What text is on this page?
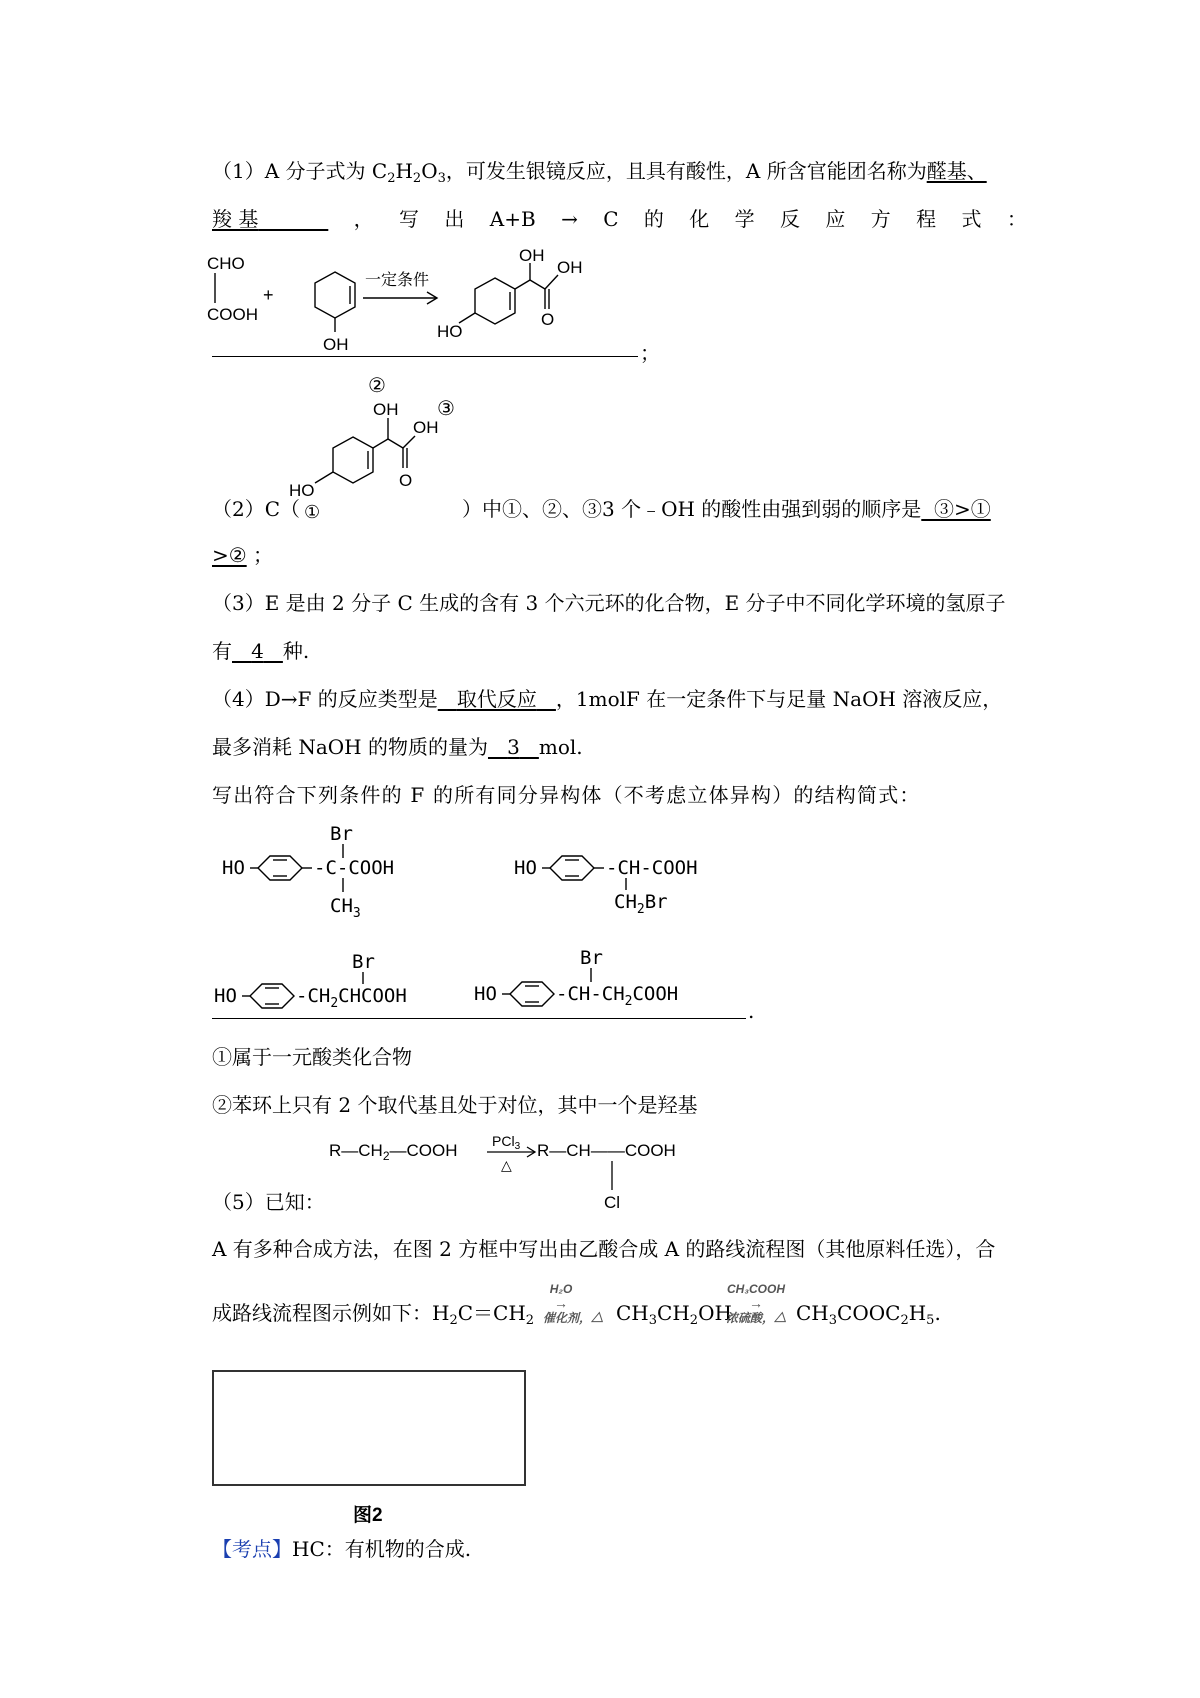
（1）A 分子式为 $C_2H_2O_3$，可发生银镜反应，且具有酸性，A 所含官能团名称为醛基、
羧 基	， 写 出 A+B → C 的 化 学 反 应 方 程 式 ：
CHO
COOH
+
OH
一定条件
OH
OH
O
HO
；
②
OH ③
OH
O
HO
①
（2）C（	）中①、②、③3 个﹣OH 的酸性由强到弱的顺序是 ③>①
>② ；
（3）E 是由 2 分子 C 生成的含有 3 个六元环的化合物，E 分子中不同化学环境的氢原子
有 4 种.
（4）D→F 的反应类型是 取代反应 ，1molF 在一定条件下与足量 NaOH 溶液反应，
最多消耗 NaOH 的物质的量为 3 mol.
写出符合下列条件的 F 的所有同分异构体（不考虑立体异构）的结构简式：
HO
Br
-C-COOH
$CH_3$
HO	-CH-COOH
$CH_2Br$
HO
Br
$-CH_2CHCOOH$	HO
Br
$-CH-CH_2COOH$
.
①属于一元酸类化合物
②苯环上只有 2 个取代基且处于对位，其中一个是羟基
$R—CH_2—COOH$ PCl$_3$
△
R—CH——COOH
Cl
（5）已知：
A 有多种合成方法，在图 2 方框中写出由乙酸合成 A 的路线流程图（其他原料任选），合
成路线流程图示例如下：$H_2C=CH_2$
H₂O
→
催化剂，△ $CH_3CH_2OH$
CH₃COOH
→
浓硫酸，△ $CH_3COOC_2H_5$.
图2
【考点】HC：有机物的合成.
